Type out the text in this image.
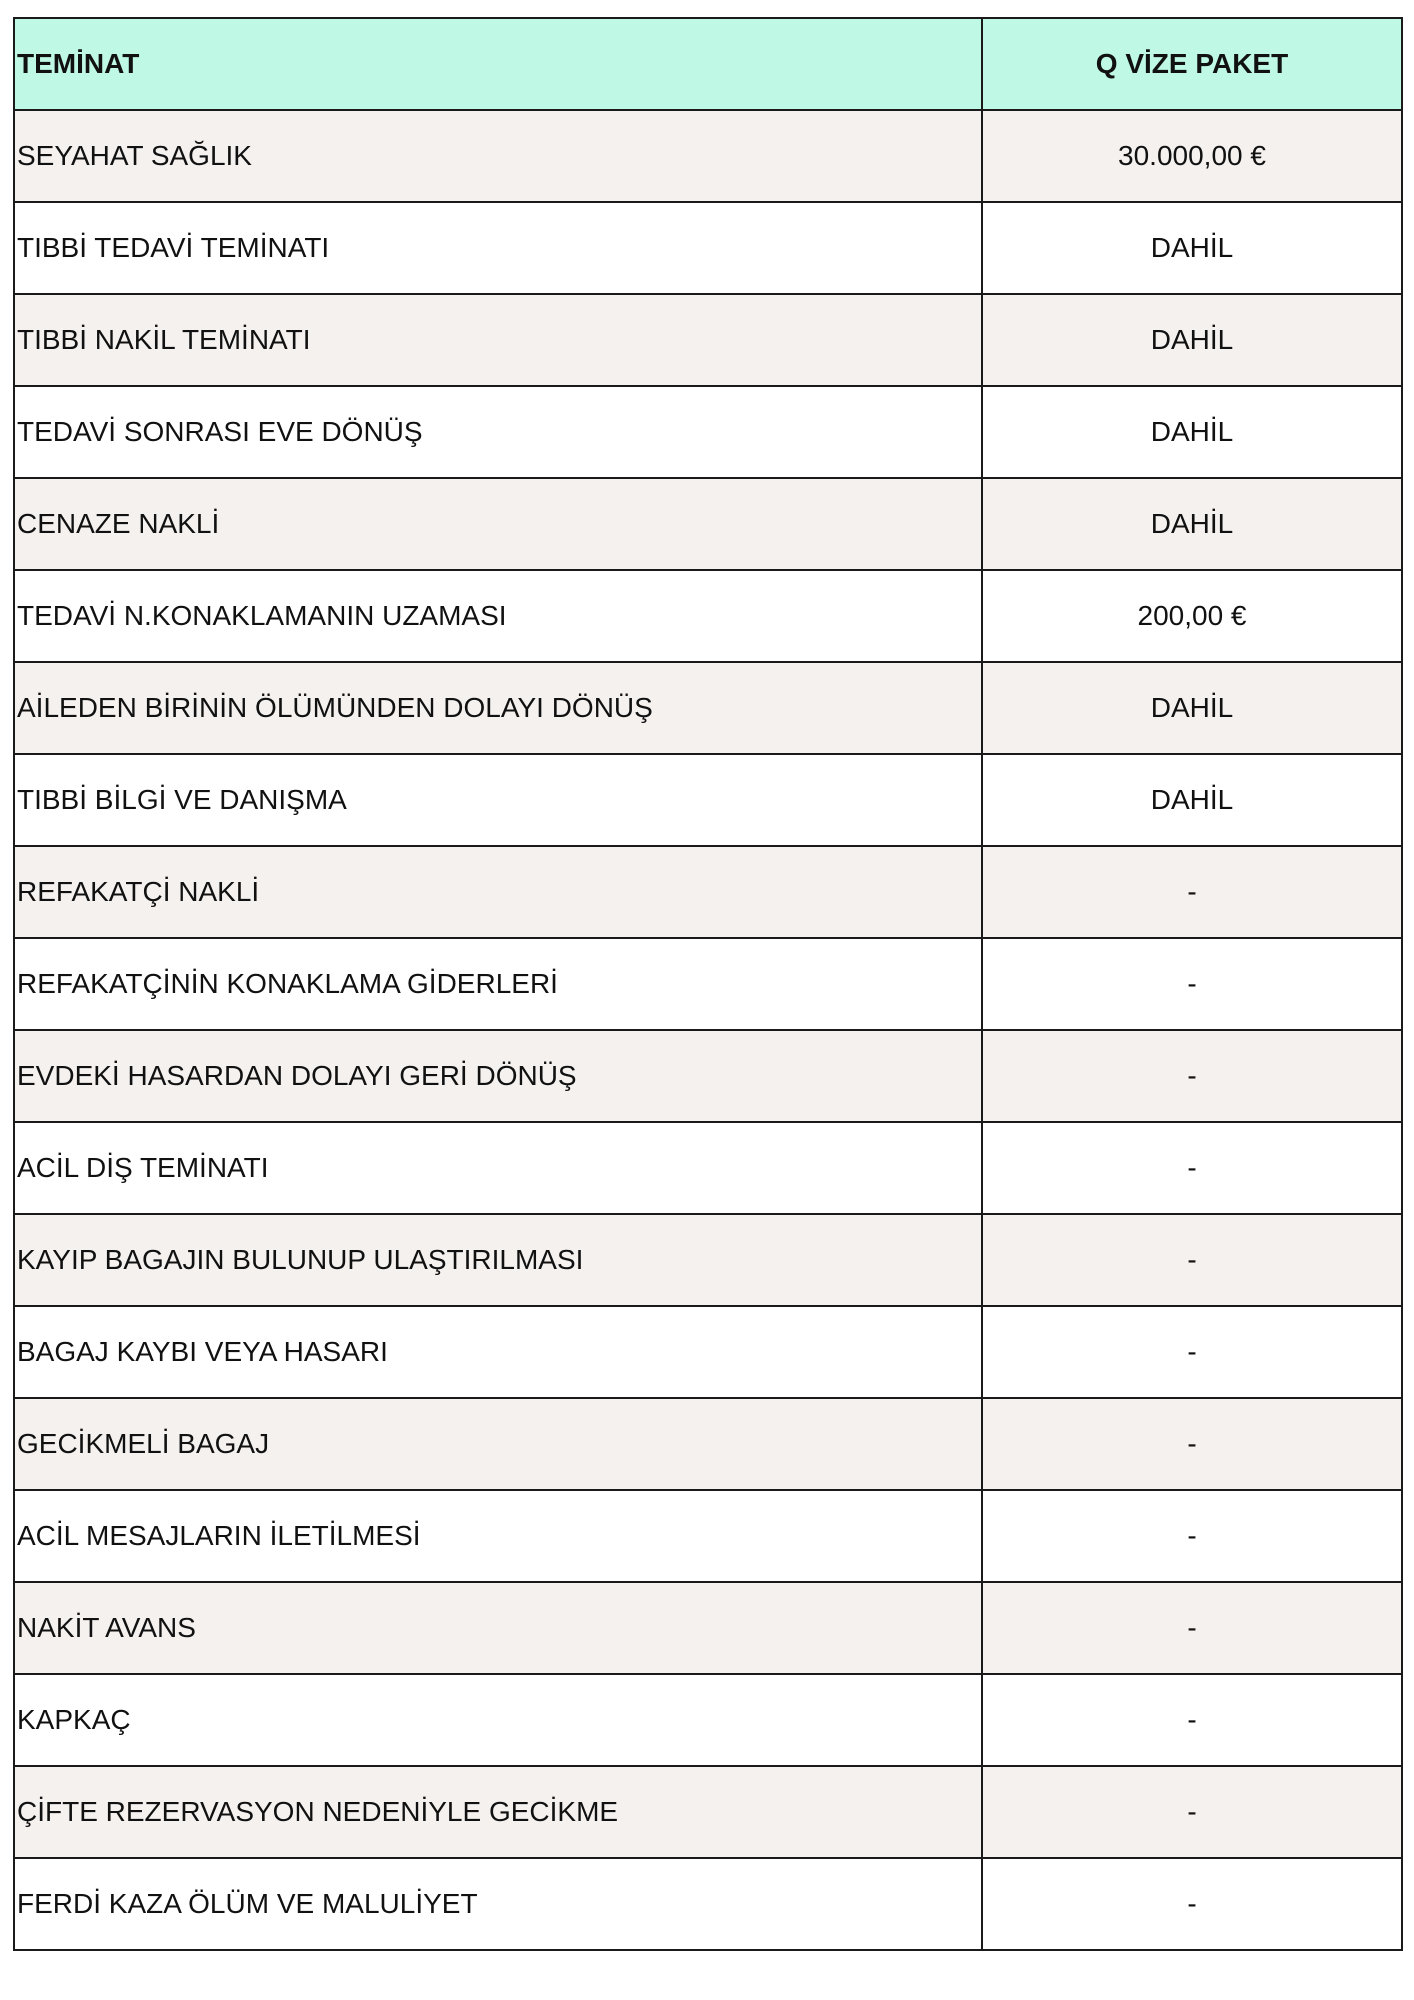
TEMİNAT	Q VİZE PAKET
SEYAHAT SAĞLIK	30.000,00 €
TIBBİ TEDAVİ TEMİNATI	DAHİL
TIBBİ NAKİL TEMİNATI	DAHİL
TEDAVİ SONRASI EVE DÖNÜŞ	DAHİL
CENAZE NAKLİ	DAHİL
TEDAVİ N.KONAKLAMANIN UZAMASI	200,00 €
AİLEDEN BİRİNİN ÖLÜMÜNDEN DOLAYI DÖNÜŞ	DAHİL
TIBBİ BİLGİ VE DANIŞMA	DAHİL
REFAKATÇİ NAKLİ	-
REFAKATÇİNİN KONAKLAMA GİDERLERİ	-
EVDEKİ HASARDAN DOLAYI GERİ DÖNÜŞ	-
ACİL DİŞ TEMİNATI	-
KAYIP BAGAJIN BULUNUP ULAŞTIRILMASI	-
BAGAJ KAYBI VEYA HASARI	-
GECİKMELİ BAGAJ	-
ACİL MESAJLARIN İLETİLMESİ	-
NAKİT AVANS	-
KAPKAÇ	-
ÇİFTE REZERVASYON NEDENİYLE GECİKME	-
FERDİ KAZA ÖLÜM VE MALULİYET	-
